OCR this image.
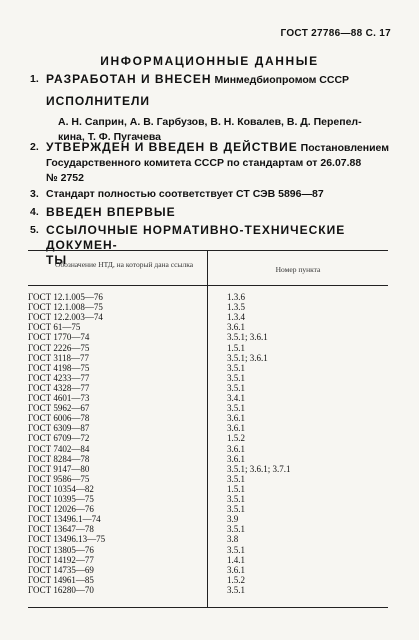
ГОСТ 27786—88 С. 17
ИНФОРМАЦИОННЫЕ ДАННЫЕ
1. РАЗРАБОТАН И ВНЕСЕН Минмедбиопромом СССР
ИСПОЛНИТЕЛИ
А. Н. Саприн, А. В. Гарбузов, В. Н. Ковалев, В. Д. Перепел-
кина, Т. Ф. Пугачева
2. УТВЕРЖДЕН И ВВЕДЕН В ДЕЙСТВИЕ Постановлением
Государственного комитета СССР по стандартам от 26.07.88
№ 2752
3. Стандарт полностью соответствует СТ СЭВ 5896—87
4. ВВЕДЕН ВПЕРВЫЕ
5. ССЫЛОЧНЫЕ НОРМАТИВНО-ТЕХНИЧЕСКИЕ ДОКУМЕН-
ТЫ
Обозначение НТД, на который дана ссылка
Номер пункта
ГОСТ 12.1.005—76	1.3.6
ГОСТ 12.1.008—75	1.3.5
ГОСТ 12.2.003—74	1.3.4
ГОСТ 61—75	3.6.1
ГОСТ 1770—74	3.5.1; 3.6.1
ГОСТ 2226—75	1.5.1
ГОСТ 3118—77	3.5.1; 3.6.1
ГОСТ 4198—75	3.5.1
ГОСТ 4233—77	3.5.1
ГОСТ 4328—77	3.5.1
ГОСТ 4601—73	3.4.1
ГОСТ 5962—67	3.5.1
ГОСТ 6006—78	3.6.1
ГОСТ 6309—87	3.6.1
ГОСТ 6709—72	1.5.2
ГОСТ 7402—84	3.6.1
ГОСТ 8284—78	3.6.1
ГОСТ 9147—80	3.5.1; 3.6.1; 3.7.1
ГОСТ 9586—75	3.5.1
ГОСТ 10354—82	1.5.1
ГОСТ 10395—75	3.5.1
ГОСТ 12026—76	3.5.1
ГОСТ 13496.1—74	3.9
ГОСТ 13647—78	3.5.1
ГОСТ 13496.13—75	3.8
ГОСТ 13805—76	3.5.1
ГОСТ 14192—77	1.4.1
ГОСТ 14735—69	3.6.1
ГОСТ 14961—85	1.5.2
ГОСТ 16280—70	3.5.1
